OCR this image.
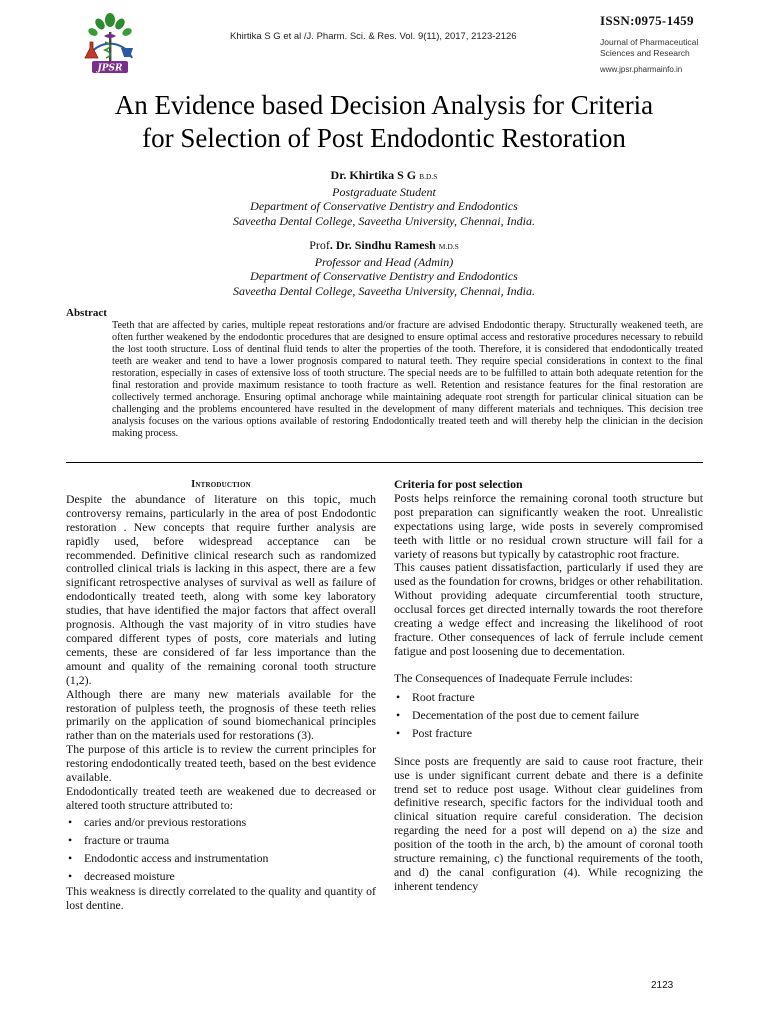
JPSR
Khirtika S G et al /J. Pharm. Sci. & Res. Vol. 9(11), 2017, 2123-2126
ISSN:0975-1459
Journal of Pharmaceutical
Sciences and Research
www.jpsr.pharmainfo.in
An Evidence based Decision Analysis for Criteria
for Selection of Post Endodontic Restoration
Dr. Khirtika S G B.D.S
Postgraduate Student
Department of Conservative Dentistry and Endodontics
Saveetha Dental College, Saveetha University, Chennai, India.
Prof. Dr. Sindhu Ramesh M.D.S
Professor and Head (Admin)
Department of Conservative Dentistry and Endodontics
Saveetha Dental College, Saveetha University, Chennai, India.
Abstract
Teeth that are affected by caries, multiple repeat restorations and/or fracture are advised Endodontic therapy. Structurally weakened teeth, are often further weakened by the endodontic procedures that are designed to ensure optimal access and restorative procedures necessary to rebuild the lost tooth structure. Loss of dentinal fluid tends to alter the properties of the tooth. Therefore, it is considered that endodontically treated teeth are weaker and tend to have a lower prognosis compared to natural teeth. They require special considerations in context to the final restoration, especially in cases of extensive loss of tooth structure. The special needs are to be fulfilled to attain both adequate retention for the final restoration and provide maximum resistance to tooth fracture as well. Retention and resistance features for the final restoration are collectively termed anchorage. Ensuring optimal anchorage while maintaining adequate root strength for particular clinical situation can be challenging and the problems encountered have resulted in the development of many different materials and techniques. This decision tree analysis focuses on the various options available of restoring Endodontically treated teeth and will thereby help the clinician in the decision making process.
Introduction

Despite the abundance of literature on this topic, much controversy remains, particularly in the area of post Endodontic restoration . New concepts that require further analysis are rapidly used, before widespread acceptance can be recommended. Definitive clinical research such as randomized controlled clinical trials is lacking in this aspect, there are a few significant retrospective analyses of survival as well as failure of endodontically treated teeth, along with some key laboratory studies, that have identified the major factors that affect overall prognosis. Although the vast majority of in vitro studies have compared different types of posts, core materials and luting cements, these are considered of far less importance than the amount and quality of the remaining coronal tooth structure (1,2).

Although there are many new materials available for the restoration of pulpless teeth, the prognosis of these teeth relies primarily on the application of sound biomechanical principles rather than on the materials used for restorations (3).

The purpose of this article is to review the current principles for restoring endodontically treated teeth, based on the best evidence available.

Endodontically treated teeth are weakened due to decreased or altered tooth structure attributed to:

• caries and/or previous restorations
• fracture or trauma
• Endodontic access and instrumentation
• decreased moisture

This weakness is directly correlated to the quality and quantity of lost dentine.

Criteria for post selection

Posts helps reinforce the remaining coronal tooth structure but post preparation can significantly weaken the root. Unrealistic expectations using large, wide posts in severely compromised teeth with little or no residual crown structure will fail for a variety of reasons but typically by catastrophic root fracture.

This causes patient dissatisfaction, particularly if used they are used as the foundation for crowns, bridges or other rehabilitation. Without providing adequate circumferential tooth structure, occlusal forces get directed internally towards the root therefore creating a wedge effect and increasing the likelihood of root fracture. Other consequences of lack of ferrule include cement fatigue and post loosening due to decementation.

The Consequences of Inadequate Ferrule includes:

• Root fracture
• Decementation of the post due to cement failure
• Post fracture

Since posts are frequently are said to cause root fracture, their use is under significant current debate and there is a definite trend set to reduce post usage. Without clear guidelines from definitive research, specific factors for the individual tooth and clinical situation require careful consideration. The decision regarding the need for a post will depend on a) the size and position of the tooth in the arch, b) the amount of coronal tooth structure remaining, c) the functional requirements of the tooth, and d) the canal configuration (4). While recognizing the inherent tendency

2123
